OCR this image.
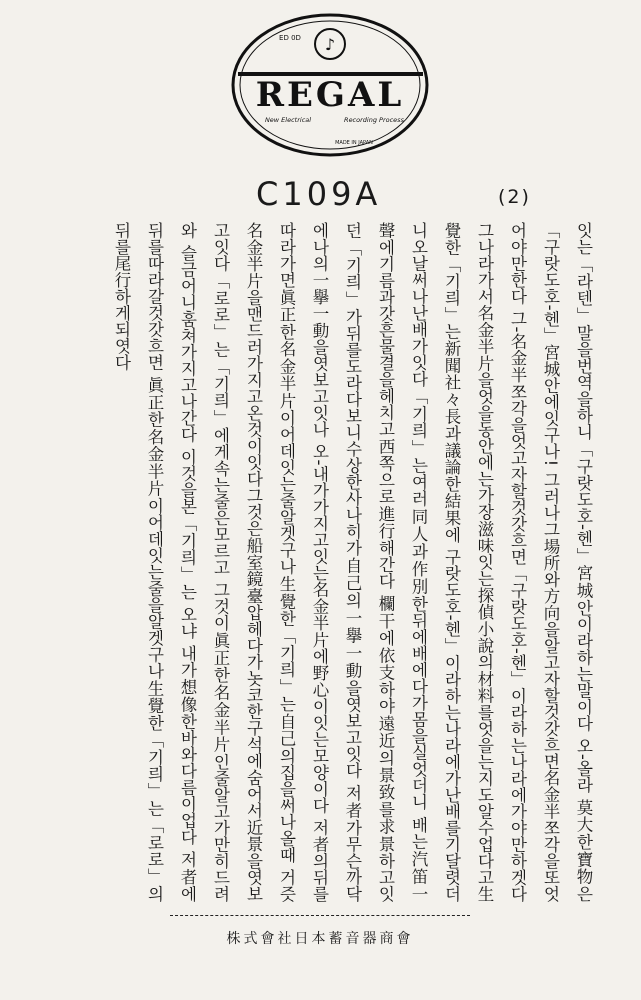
♪
ED 0D
REGAL
New Electrical	Recording Process
MADE IN JAPAN
C109A	(2)

잇는「라텐」말을번역을하니「구랏도호-헨」宮城안이라하는말이다 오-올라 莫大한寶物은「구랏도호-헨」宮城안에잇구나! 그러나그場所와方向을알고자할것갓흐면名金半쪼각을또엇어야만한다 그-名金半쪼각을엇고자할것갓흐면「구랏도호-헨」이라하는나라에가야만하겟다 그나라가서名金半片을엇을동안에는가장滋味잇는探偵小說의材料를엇을는지도알수업다고生覺한「기릐」는新聞社々長과議論한結果에 구랏도호-헨」이라하는나라에가난배를기달렷더니오날써나난배가잇다「기릐」는여러同人과作別한뒤에배에다가몸을실엇더니 배는汽笛一聲에기름과갓흔물결을헤치고西쪽으로進行해간다 欄干에依支하야遠近의景致를求景하고잇던「기릐」가뒤를도라다보니수상한사나히가自己의一擧一動을엿보고잇다 저者가무슨까닥에나의一擧一動을엿보고잇나 오-내가가지고잇는名金半片에野心이잇는모양이다 저者의뒤를따라가면眞正한名金半片이어데잇는줄알겟구나生覺한「기릐」는自己의집을써나올때 거즛名金半片을맨드러가지고온것이잇다그것은船室鏡臺압헤다가놋코한구석에숨어서近景을엿보고잇다「로로」는「기릐」에게속는줄은모르고 그것이眞正한名金半片인줄알고가만히드려와 슬금어니훔쳐가지고나간다 이것을본「기릐」는 오냐 내가想像한바와다름이업다 저者에뒤를따라갈것갓흐면 眞正한名金半片이어데잇는줄을알겟구나生覺한「기릐」는「로로」의뒤를尾行하게되엿다

株式會社日本蓄音器商會
